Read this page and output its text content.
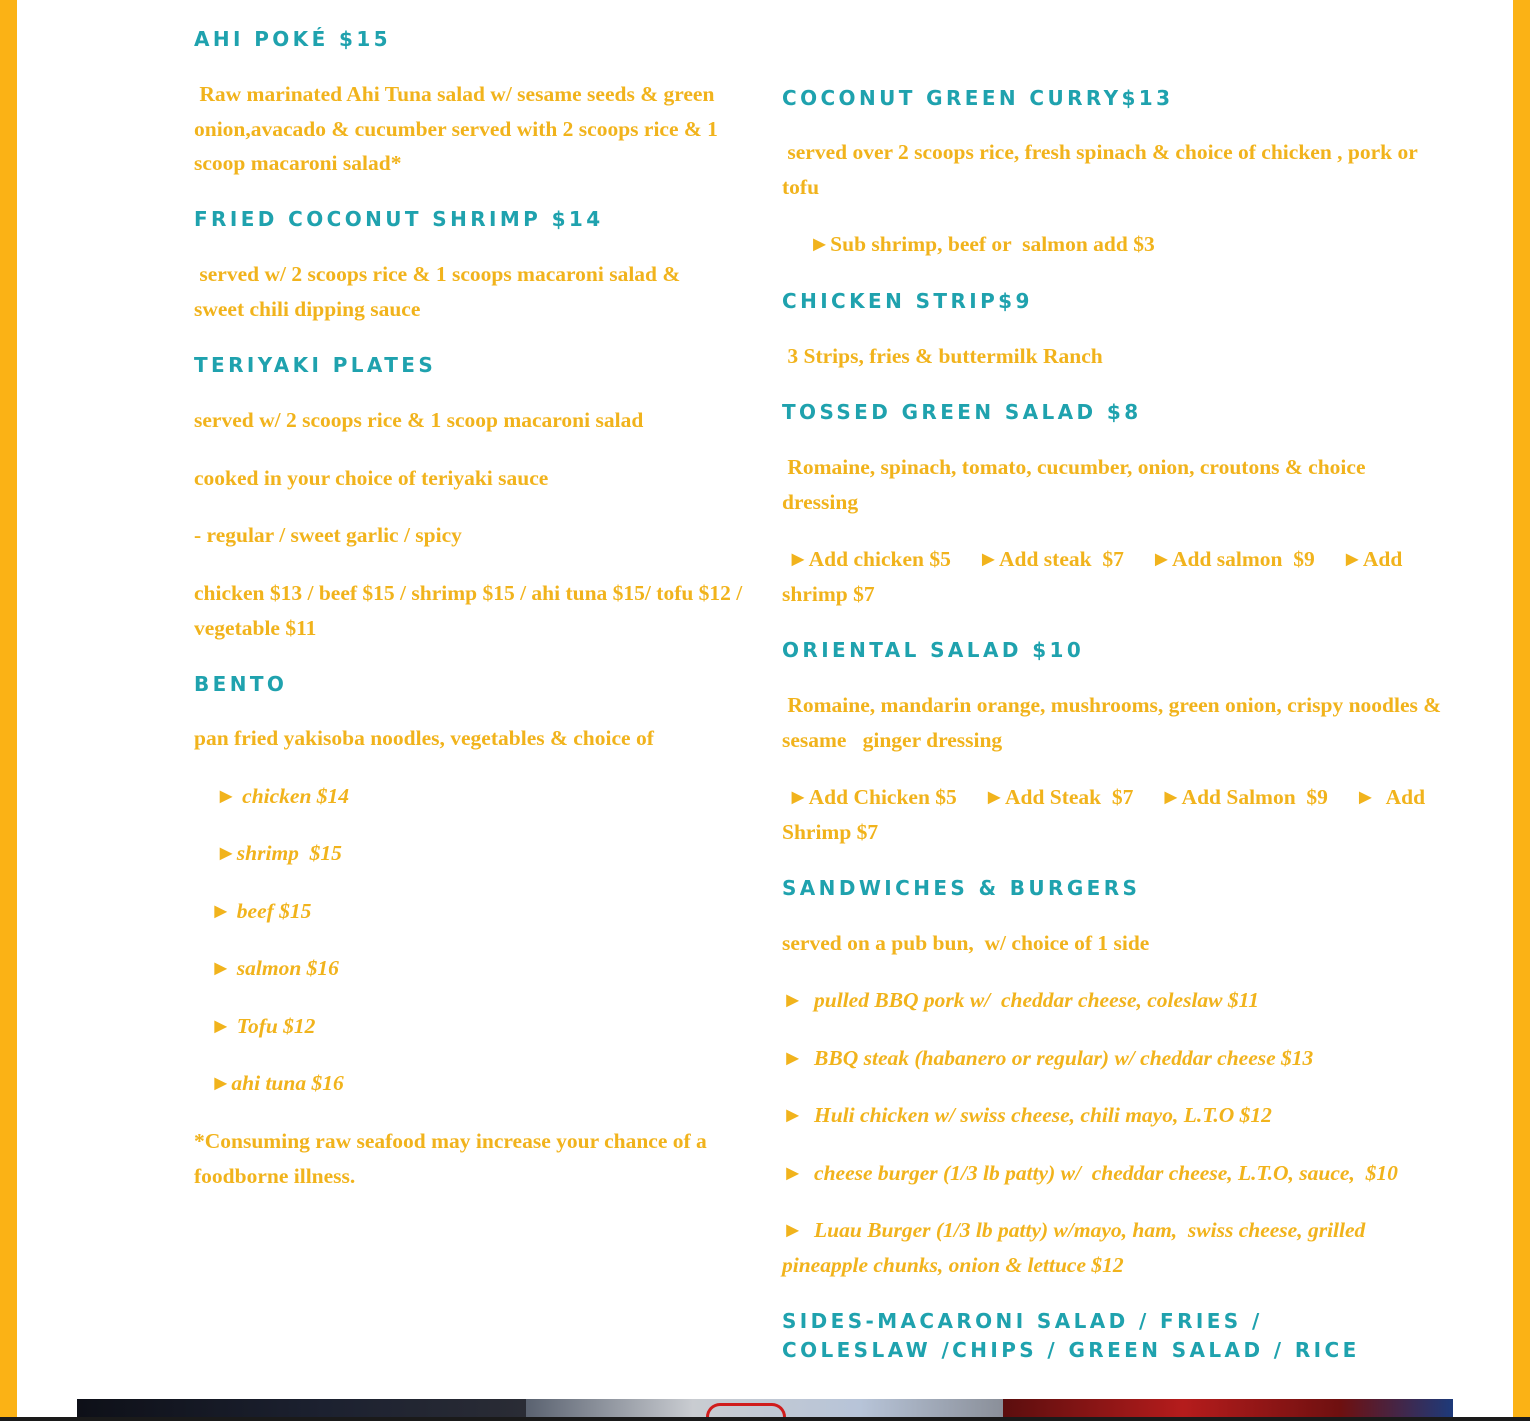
AHI POKÉ $15
Raw marinated Ahi Tuna salad w/ sesame seeds & green onion,avacado & cucumber served with 2 scoops rice & 1 scoop macaroni salad*
FRIED COCONUT SHRIMP $14
served w/ 2 scoops rice & 1 scoops macaroni salad & sweet chili dipping sauce
TERIYAKI PLATES
served w/ 2 scoops rice & 1 scoop macaroni salad
cooked in your choice of teriyaki sauce
- regular / sweet garlic / spicy
chicken $13 / beef $15 / shrimp $15 / ahi tuna $15/ tofu $12 / vegetable $11
BENTO
pan fried yakisoba noodles, vegetables & choice of
► chicken $14
►shrimp  $15
► beef $15
► salmon $16
► Tofu $12
►ahi tuna $16
*Consuming raw seafood may increase your chance of a foodborne illness.
COCONUT GREEN CURRY$13
served over 2 scoops rice, fresh spinach & choice of chicken , pork or tofu
►Sub shrimp, beef or  salmon add $3
CHICKEN STRIP$9
3 Strips, fries & buttermilk Ranch
TOSSED GREEN SALAD $8
Romaine, spinach, tomato, cucumber, onion, croutons & choice dressing
►Add chicken $5     ►Add steak  $7     ►Add salmon  $9     ►Add shrimp $7
ORIENTAL SALAD $10
Romaine, mandarin orange, mushrooms, green onion, crispy noodles & sesame   ginger dressing
►Add Chicken $5     ►Add Steak  $7     ►Add Salmon  $9     ►  Add Shrimp $7
SANDWICHES & BURGERS
served on a pub bun,  w/ choice of 1 side
►  pulled BBQ pork w/  cheddar cheese, coleslaw $11
►  BBQ steak (habanero or regular) w/ cheddar cheese $13
►  Huli chicken w/ swiss cheese, chili mayo, L.T.O $12
►  cheese burger (1/3 lb patty) w/  cheddar cheese, L.T.O, sauce,  $10
►  Luau Burger (1/3 lb patty) w/mayo, ham,  swiss cheese, grilled pineapple chunks, onion & lettuce $12
SIDES-MACARONI SALAD / FRIES / COLESLAW /CHIPS / GREEN SALAD / RICE
